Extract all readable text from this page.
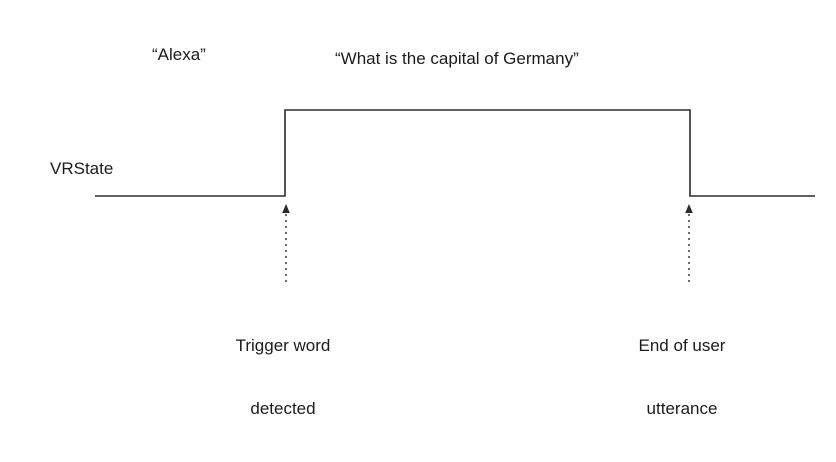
“Alexa”	“What is the capital of Germany”
VRState

Trigger word

detected

End of user

utterance
